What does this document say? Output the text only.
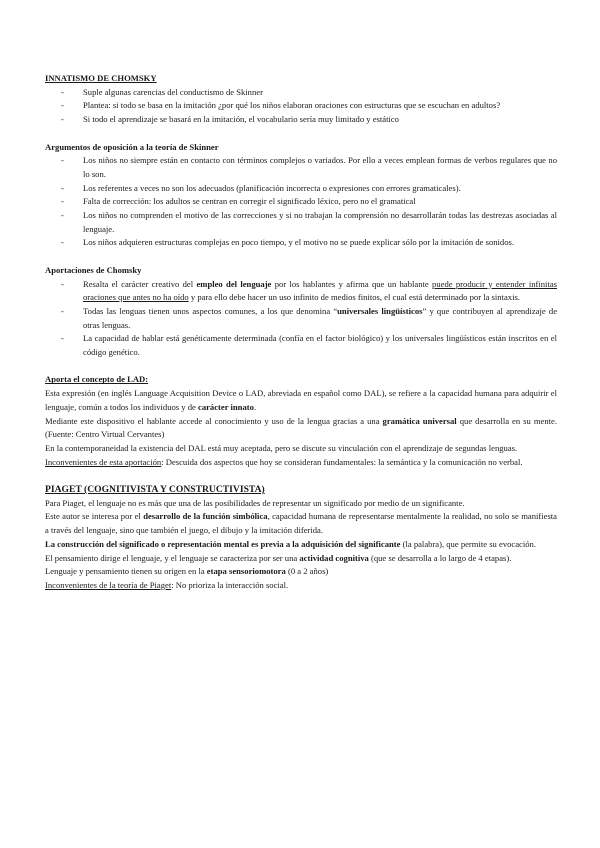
INNATISMO DE CHOMSKY

- Suple algunas carencias del conductismo de Skinner
- Plantea: si todo se basa en la imitación ¿por qué los niños elaboran oraciones con estructuras que se escuchan en adultos?
- Si todo el aprendizaje se basará en la imitación, el vocabulario sería muy limitado y estático

Argumentos de oposición a la teoría de Skinner

- Los niños no siempre están en contacto con términos complejos o variados. Por ello a veces emplean formas de verbos regulares que no lo son.
- Los referentes a veces no son los adecuados (planificación incorrecta o expresiones con errores gramaticales).
- Falta de corrección: los adultos se centran en corregir el significado léxico, pero no el gramatical
- Los niños no comprenden el motivo de las correcciones y si no trabajan la comprensión no desarrollarán todas las destrezas asociadas al lenguaje.
- Los niños adquieren estructuras complejas en poco tiempo, y el motivo no se puede explicar sólo por la imitación de sonidos.

Aportaciones de Chomsky

- Resalta el carácter creativo del empleo del lenguaje por los hablantes y afirma que un hablante puede producir y entender infinitas oraciones que antes no ha oído y para ello debe hacer un uso infinito de medios finitos, el cual está determinado por la sintaxis.
- Todas las lenguas tienen unos aspectos comunes, a los que denomina “universales lingüísticos” y que contribuyen al aprendizaje de otras lenguas.
- La capacidad de hablar está genéticamente determinada (confía en el factor biológico) y los universales lingüísticos están inscritos en el código genético.

Aporta el concepto de LAD:

Esta expresión (en inglés Language Acquisition Device o LAD, abreviada en español como DAL), se refiere a la capacidad humana para adquirir el lenguaje, común a todos los individuos y de carácter innato.

Mediante este dispositivo el hablante accede al conocimiento y uso de la lengua gracias a una gramática universal que desarrolla en su mente. (Fuente: Centro Virtual Cervantes)

En la contemporaneidad la existencia del DAL está muy aceptada, pero se discute su vinculación con el aprendizaje de segundas lenguas.

Inconvenientes de esta aportación: Descuida dos aspectos que hoy se consideran fundamentales: la semántica y la comunicación no verbal.

PIAGET (COGNITIVISTA Y CONSTRUCTIVISTA)

Para Piaget, el lenguaje no es más que una de las posibilidades de representar un significado por medio de un significante.

Este autor se interesa por el desarrollo de la función simbólica, capacidad humana de representarse mentalmente la realidad, no solo se manifiesta a través del lenguaje, sino que también el juego, el dibujo y la imitación diferida.

La construcción del significado o representación mental es previa a la adquisición del significante (la palabra), que permite su evocación.

El pensamiento dirige el lenguaje, y el lenguaje se caracteriza por ser una actividad cognitiva (que se desarrolla a lo largo de 4 etapas).

Lenguaje y pensamiento tienen su origen en la etapa sensoriomotora (0 a 2 años)

Inconvenientes de la teoría de Piaget: No prioriza la interacción social.
